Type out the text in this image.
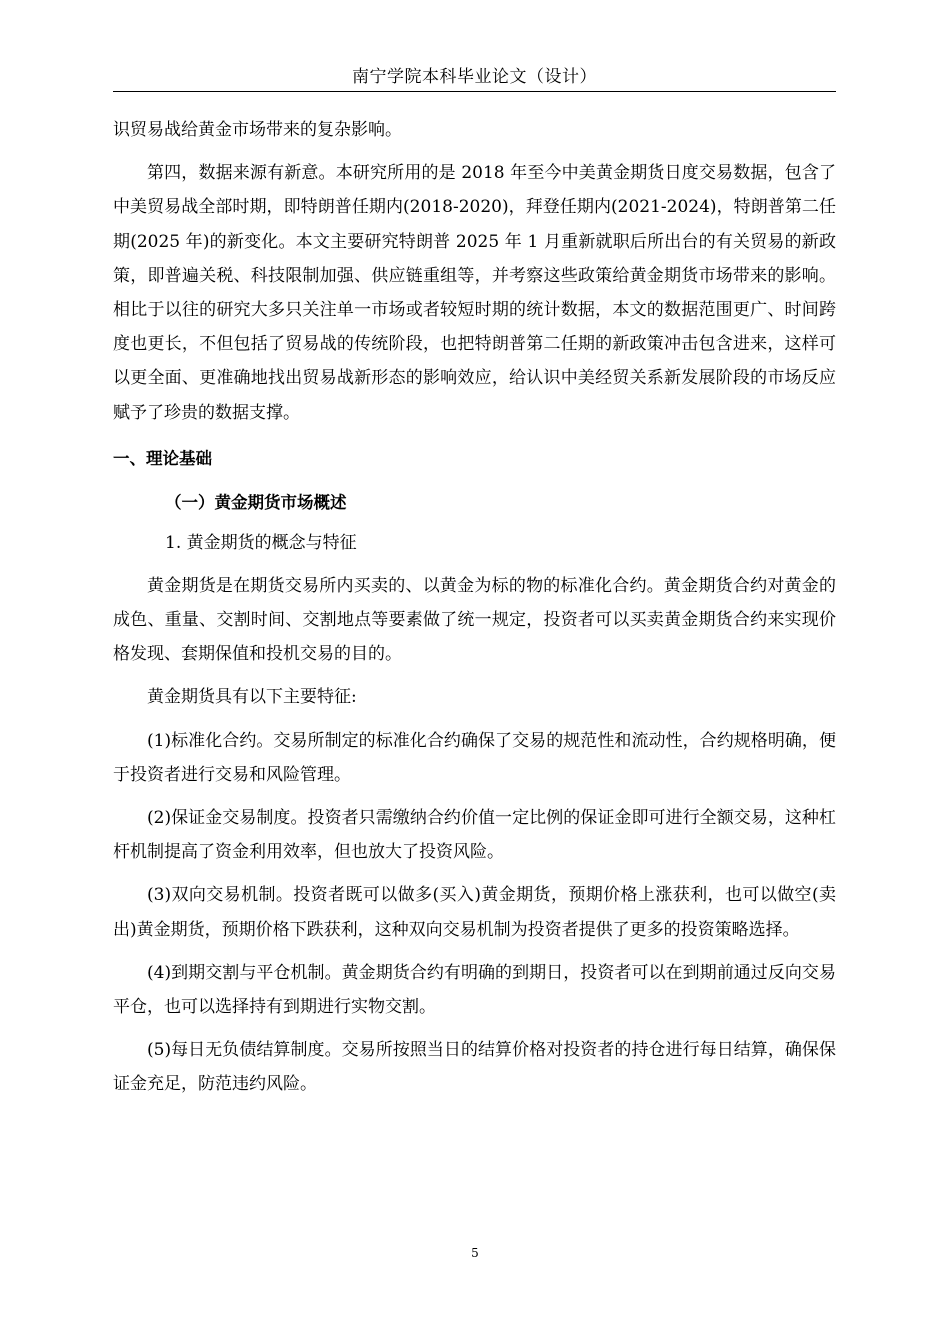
南宁学院本科毕业论文（设计）

识贸易战给黄金市场带来的复杂影响。

第四，数据来源有新意。本研究所用的是 2018 年至今中美黄金期货日度交易数据，包含了中美贸易战全部时期，即特朗普任期内(2018-2020)，拜登任期内(2021-2024)，特朗普第二任期(2025 年)的新变化。本文主要研究特朗普 2025 年 1 月重新就职后所出台的有关贸易的新政策，即普遍关税、科技限制加强、供应链重组等，并考察这些政策给黄金期货市场带来的影响。相比于以往的研究大多只关注单一市场或者较短时期的统计数据，本文的数据范围更广、时间跨度也更长，不但包括了贸易战的传统阶段，也把特朗普第二任期的新政策冲击包含进来，这样可以更全面、更准确地找出贸易战新形态的影响效应，给认识中美经贸关系新发展阶段的市场反应赋予了珍贵的数据支撑。

一、理论基础

（一）黄金期货市场概述

1. 黄金期货的概念与特征

黄金期货是在期货交易所内买卖的、以黄金为标的物的标准化合约。黄金期货合约对黄金的成色、重量、交割时间、交割地点等要素做了统一规定，投资者可以买卖黄金期货合约来实现价格发现、套期保值和投机交易的目的。

黄金期货具有以下主要特征:

(1)标准化合约。交易所制定的标准化合约确保了交易的规范性和流动性，合约规格明确，便于投资者进行交易和风险管理。

(2)保证金交易制度。投资者只需缴纳合约价值一定比例的保证金即可进行全额交易，这种杠杆机制提高了资金利用效率，但也放大了投资风险。

(3)双向交易机制。投资者既可以做多(买入)黄金期货，预期价格上涨获利，也可以做空(卖出)黄金期货，预期价格下跌获利，这种双向交易机制为投资者提供了更多的投资策略选择。

(4)到期交割与平仓机制。黄金期货合约有明确的到期日，投资者可以在到期前通过反向交易平仓，也可以选择持有到期进行实物交割。

(5)每日无负债结算制度。交易所按照当日的结算价格对投资者的持仓进行每日结算，确保保证金充足，防范违约风险。

5
